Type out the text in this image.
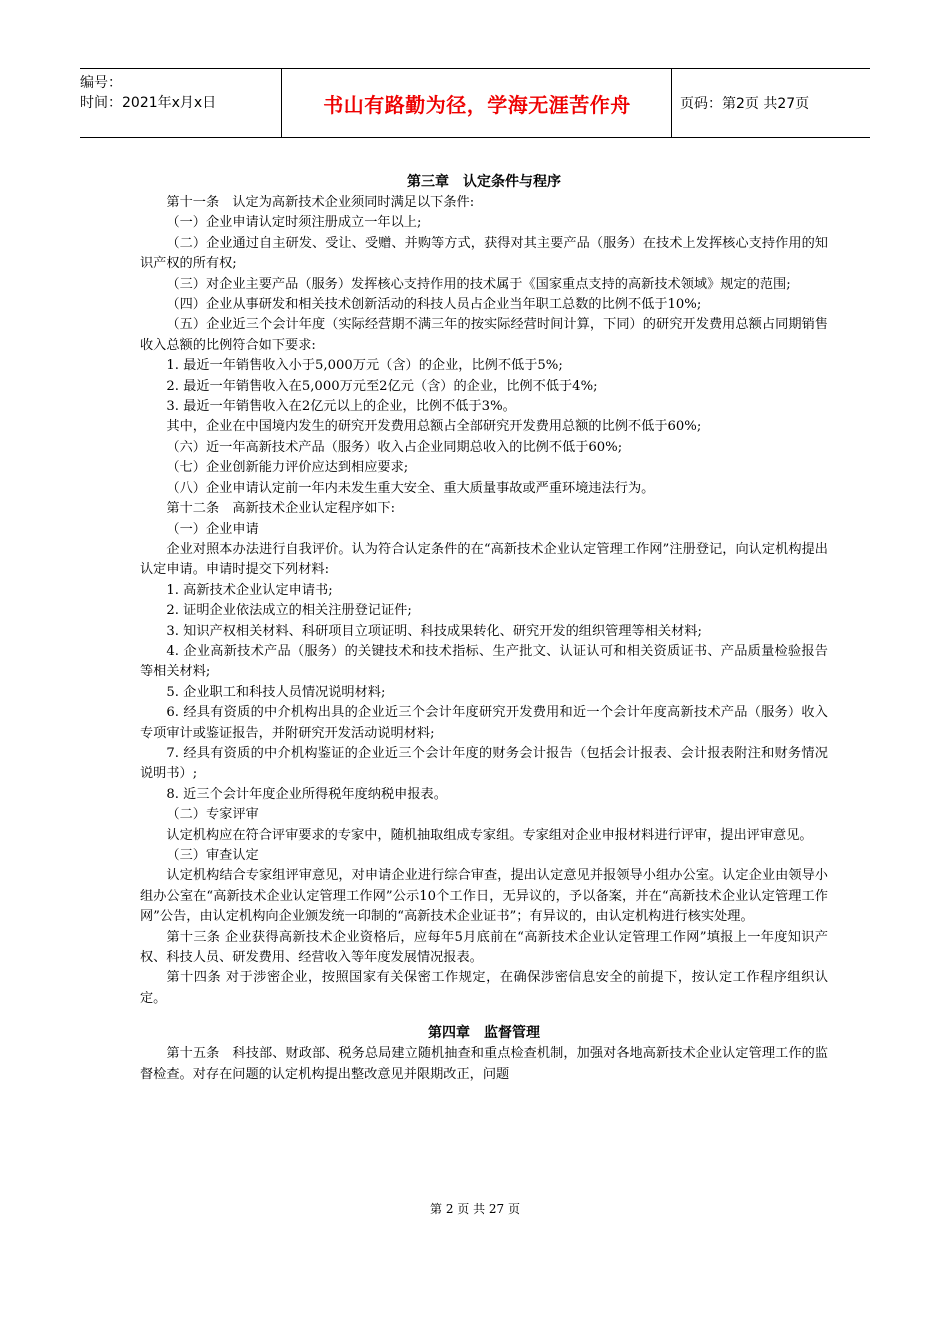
编号：
时间：2021年x月x日	书山有路勤为径，学海无涯苦作舟	页码：第2页 共27页
第三章　认定条件与程序

第十一条　认定为高新技术企业须同时满足以下条件:

（一）企业申请认定时须注册成立一年以上;

（二）企业通过自主研发、受让、受赠、并购等方式，获得对其主要产品（服务）在技术上发挥核心支持作用的知识产权的所有权;

（三）对企业主要产品（服务）发挥核心支持作用的技术属于《国家重点支持的高新技术领域》规定的范围;

（四）企业从事研发和相关技术创新活动的科技人员占企业当年职工总数的比例不低于10%;

（五）企业近三个会计年度（实际经营期不满三年的按实际经营时间计算，下同）的研究开发费用总额占同期销售收入总额的比例符合如下要求:

1. 最近一年销售收入小于5,000万元（含）的企业，比例不低于5%;

2. 最近一年销售收入在5,000万元至2亿元（含）的企业，比例不低于4%;

3. 最近一年销售收入在2亿元以上的企业，比例不低于3%。

其中，企业在中国境内发生的研究开发费用总额占全部研究开发费用总额的比例不低于60%;

（六）近一年高新技术产品（服务）收入占企业同期总收入的比例不低于60%;

（七）企业创新能力评价应达到相应要求;

（八）企业申请认定前一年内未发生重大安全、重大质量事故或严重环境违法行为。

第十二条　高新技术企业认定程序如下:

（一）企业申请

企业对照本办法进行自我评价。认为符合认定条件的在“高新技术企业认定管理工作网”注册登记，向认定机构提出认定申请。申请时提交下列材料:

1. 高新技术企业认定申请书;

2. 证明企业依法成立的相关注册登记证件;

3. 知识产权相关材料、科研项目立项证明、科技成果转化、研究开发的组织管理等相关材料;

4. 企业高新技术产品（服务）的关键技术和技术指标、生产批文、认证认可和相关资质证书、产品质量检验报告等相关材料;

5. 企业职工和科技人员情况说明材料;

6. 经具有资质的中介机构出具的企业近三个会计年度研究开发费用和近一个会计年度高新技术产品（服务）收入专项审计或鉴证报告，并附研究开发活动说明材料;

7. 经具有资质的中介机构鉴证的企业近三个会计年度的财务会计报告（包括会计报表、会计报表附注和财务情况说明书）;

8. 近三个会计年度企业所得税年度纳税申报表。

（二）专家评审

认定机构应在符合评审要求的专家中，随机抽取组成专家组。专家组对企业申报材料进行评审，提出评审意见。

（三）审查认定

认定机构结合专家组评审意见，对申请企业进行综合审查，提出认定意见并报领导小组办公室。认定企业由领导小组办公室在“高新技术企业认定管理工作网”公示10个工作日，无异议的，予以备案，并在“高新技术企业认定管理工作网”公告，由认定机构向企业颁发统一印制的“高新技术企业证书”；有异议的，由认定机构进行核实处理。

第十三条 企业获得高新技术企业资格后，应每年5月底前在“高新技术企业认定管理工作网”填报上一年度知识产权、科技人员、研发费用、经营收入等年度发展情况报表。

第十四条 对于涉密企业，按照国家有关保密工作规定，在确保涉密信息安全的前提下，按认定工作程序组织认定。

第四章　监督管理

第十五条　科技部、财政部、税务总局建立随机抽查和重点检查机制，加强对各地高新技术企业认定管理工作的监督检查。对存在问题的认定机构提出整改意见并限期改正，问题

第 2 页 共 27 页
